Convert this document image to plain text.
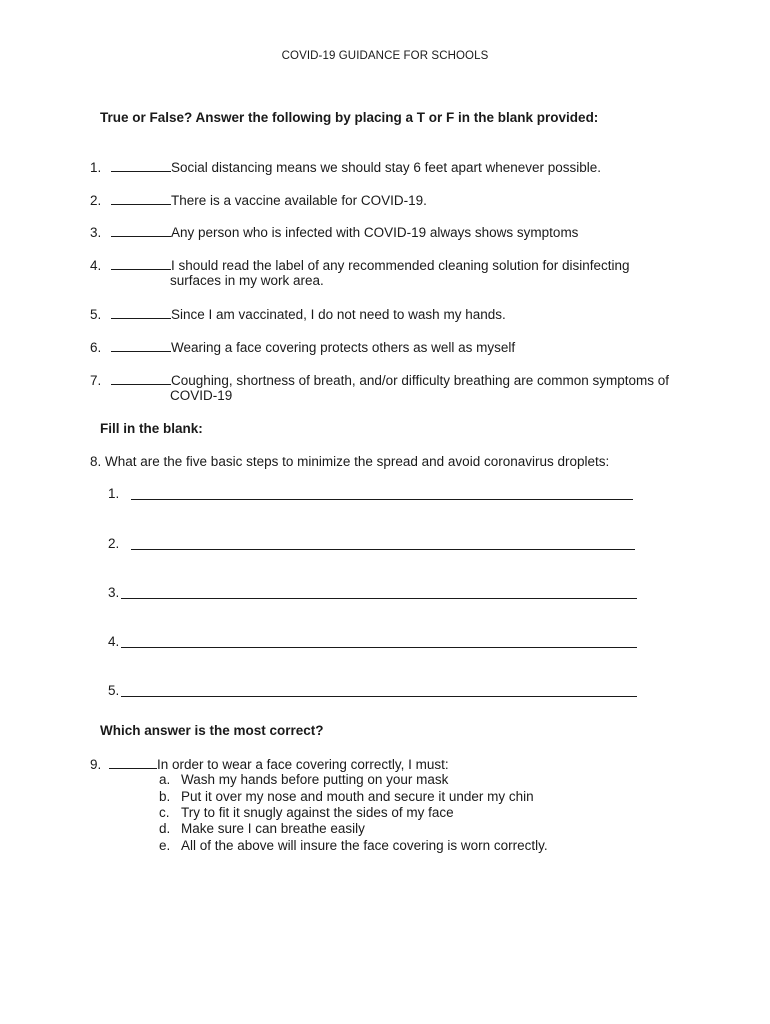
COVID-19 GUIDANCE FOR SCHOOLS
True or False? Answer the following by placing a T or F in the blank provided:
1.	Social distancing means we should stay 6 feet apart whenever possible.
2.	There is a vaccine available for COVID-19.
3.	Any person who is infected with COVID-19 always shows symptoms
4.	I should read the label of any recommended cleaning solution for disinfecting
surfaces in my work area.
5.	Since I am vaccinated, I do not need to wash my hands.
6.	Wearing a face covering protects others as well as myself
7.	Coughing, shortness of breath, and/or difficulty breathing are common symptoms of
COVID-19
Fill in the blank:
8. What are the five basic steps to minimize the spread and avoid coronavirus droplets:
1.
2.
3.
4.
5.
Which answer is the most correct?
9.	In order to wear a face covering correctly, I must:
a. Wash my hands before putting on your mask
b. Put it over my nose and mouth and secure it under my chin
c. Try to fit it snugly against the sides of my face
d. Make sure I can breathe easily
e. All of the above will insure the face covering is worn correctly.
